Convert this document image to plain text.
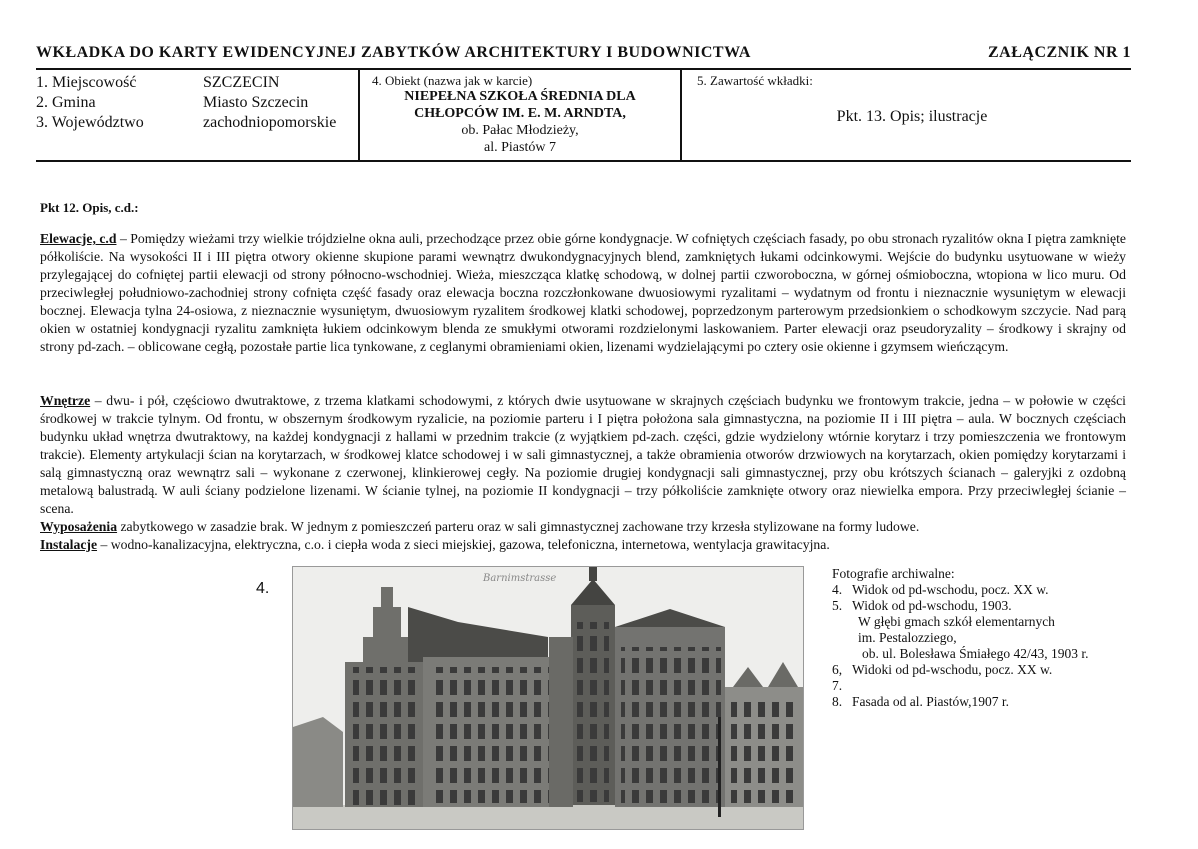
WKŁADKA DO KARTY EWIDENCYJNEJ ZABYTKÓW ARCHITEKTURY I BUDOWNICTWA	ZAŁĄCZNIK NR 1
1. Miejscowość	SZCZECIN
2. Gmina	Miasto Szczecin
3. Województwo	zachodniopomorskie
4. Obiekt (nazwa jak w karcie)
NIEPEŁNA SZKOŁA ŚREDNIA DLA
CHŁOPCÓW IM. E. M. ARNDTA,
ob. Pałac Młodzieży,
al. Piastów 7
5. Zawartość wkładki:
Pkt. 13. Opis; ilustracje
Pkt 12. Opis, c.d.:
Elewacje, c.d – Pomiędzy wieżami trzy wielkie trójdzielne okna auli, przechodzące przez obie górne kondygnacje. W cofniętych częściach fasady, po obu stronach ryzalitów okna I piętra zamknięte półkoliście. Na wysokości II i III piętra otwory okienne skupione parami wewnątrz dwukondygnacyjnych blend, zamkniętych łukami odcinkowymi. Wejście do budynku usytuowane w wieży przylegającej do cofniętej partii elewacji od strony północno-wschodniej. Wieża, mieszcząca klatkę schodową, w dolnej partii czworoboczna, w górnej ośmioboczna, wtopiona w lico muru. Od przeciwległej południowo-zachodniej strony cofnięta część fasady oraz elewacja boczna rozczłonkowane dwuosiowymi ryzalitami – wydatnym od frontu i nieznacznie wysuniętym w elewacji bocznej. Elewacja tylna 24-osiowa, z nieznacznie wysuniętym, dwuosiowym ryzalitem środkowej klatki schodowej, poprzedzonym parterowym przedsionkiem o schodkowym szczycie. Nad parą okien w ostatniej kondygnacji ryzalitu zamknięta łukiem odcinkowym blenda ze smukłymi otworami rozdzielonymi laskowaniem. Parter elewacji oraz pseudoryzality – środkowy i skrajny od strony pd-zach. – oblicowane cegłą, pozostałe partie lica tynkowane, z ceglanymi obramieniami okien, lizenami wydzielającymi po cztery osie okienne i gzymsem wieńczącym.
Wnętrze – dwu- i pół, częściowo dwutraktowe, z trzema klatkami schodowymi, z których dwie usytuowane w skrajnych częściach budynku we frontowym trakcie, jedna – w połowie w części środkowej w trakcie tylnym. Od frontu, w obszernym środkowym ryzalicie, na poziomie parteru i I piętra położona sala gimnastyczna, na poziomie II i III piętra – aula. W bocznych częściach budynku układ wnętrza dwutraktowy, na każdej kondygnacji z hallami w przednim trakcie (z wyjątkiem pd-zach. części, gdzie wydzielony wtórnie korytarz i trzy pomieszczenia we frontowym trakcie). Elementy artykulacji ścian na korytarzach, w środkowej klatce schodowej i w sali gimnastycznej, a także obramienia otworów drzwiowych na korytarzach, okien pomiędzy korytarzami i salą gimnastyczną oraz wewnątrz sali – wykonane z czerwonej, klinkierowej cegły. Na poziomie drugiej kondygnacji sali gimnastycznej, przy obu krótszych ścianach – galeryjki z ozdobną metalową balustradą. W auli ściany podzielone lizenami. W ścianie tylnej, na poziomie II kondygnacji – trzy półkoliście zamknięte otwory oraz niewielka empora. Przy przeciwległej ścianie – scena.
Wyposażenia zabytkowego w zasadzie brak. W jednym z pomieszczeń parteru oraz w sali gimnastycznej zachowane trzy krzesła stylizowane na formy ludowe.
Instalacje – wodno-kanalizacyjna, elektryczna, c.o. i ciepła woda z sieci miejskiej, gazowa, telefoniczna, internetowa, wentylacja grawitacyjna.
4.
Barnimstrasse	Fotografie archiwalne:
4. Widok od pd-wschodu, pocz. XX w.
5. Widok od pd-wschodu, 1903.
W głębi gmach szkół elementarnych
im. Pestalozziego,
ob. ul. Bolesława Śmiałego 42/43, 1903 r.
6, 7.
Widoki od pd-wschodu, pocz. XX w.
8. Fasada od al. Piastów,1907 r.
